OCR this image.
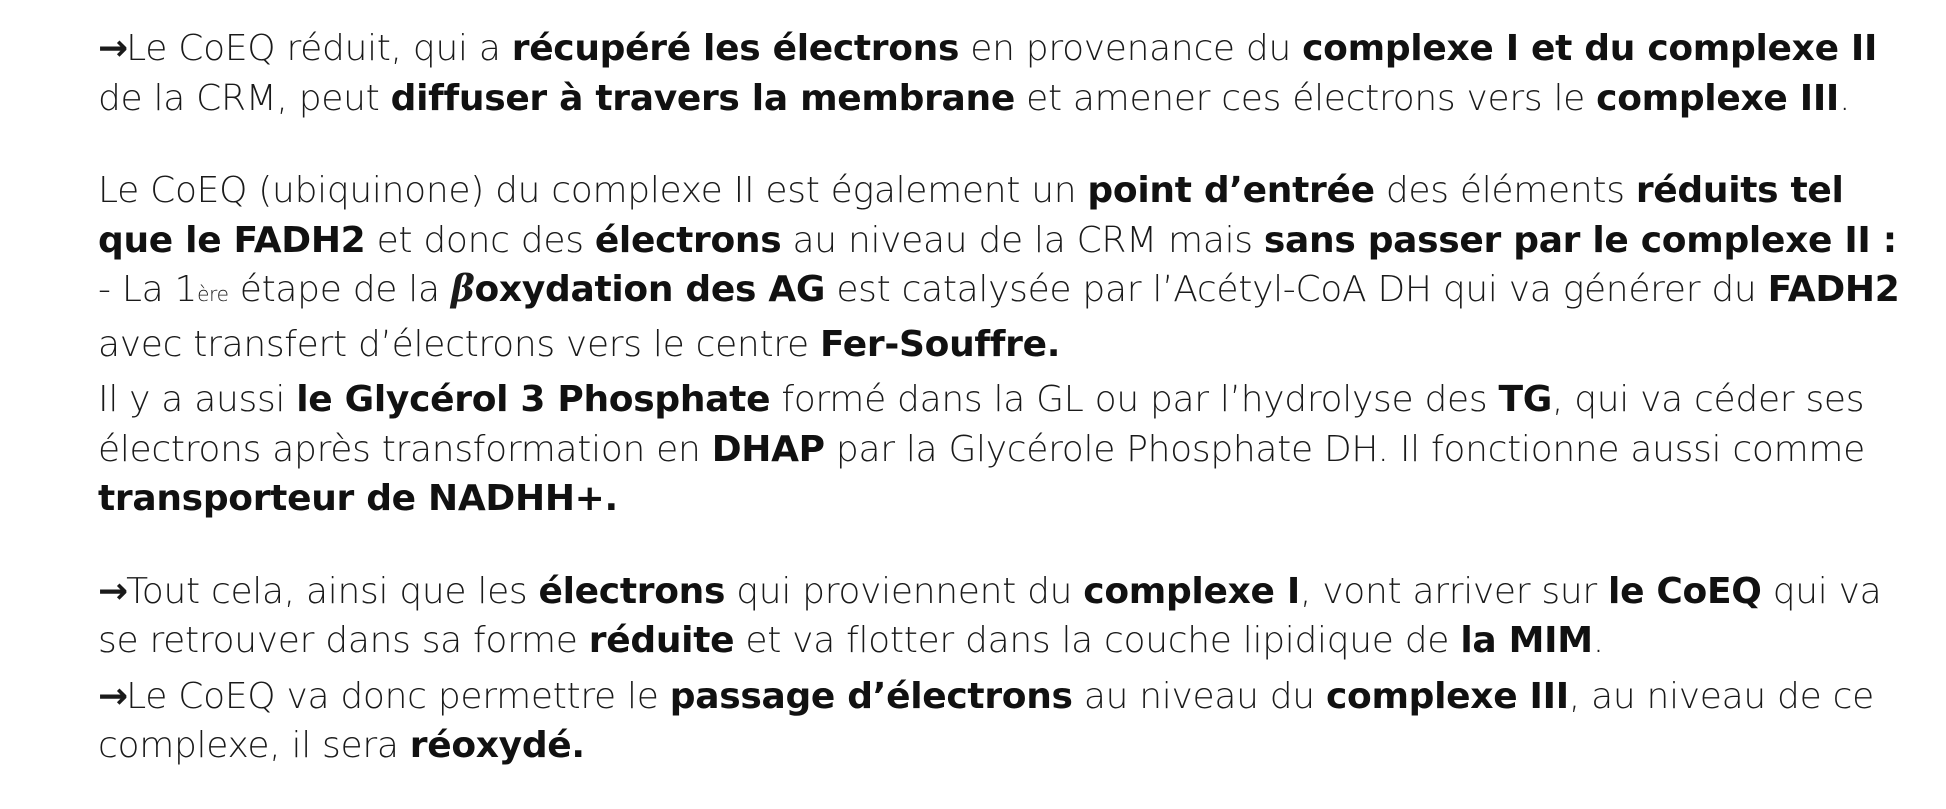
→Le CoEQ réduit, qui a récupéré les électrons en provenance du complexe I et du complexe II de la CRM, peut diffuser à travers la membrane et amener ces électrons vers le complexe III.

Le CoEQ (ubiquinone) du complexe II est également un point d’entrée des éléments réduits tel que le FADH2 et donc des électrons au niveau de la CRM mais sans passer par le complexe II : - La 1ère étape de la βoxydation des AG est catalysée par l’Acétyl-CoA DH qui va générer du FADH2 avec transfert d’électrons vers le centre Fer-Souffre.

Il y a aussi le Glycérol 3 Phosphate formé dans la GL ou par l’hydrolyse des TG, qui va céder ses électrons après transformation en DHAP par la Glycérole Phosphate DH. Il fonctionne aussi comme transporteur de NADHH+.

→Tout cela, ainsi que les électrons qui proviennent du complexe I, vont arriver sur le CoEQ qui va se retrouver dans sa forme réduite et va flotter dans la couche lipidique de la MIM.

→Le CoEQ va donc permettre le passage d’électrons au niveau du complexe III, au niveau de ce complexe, il sera réoxydé.
